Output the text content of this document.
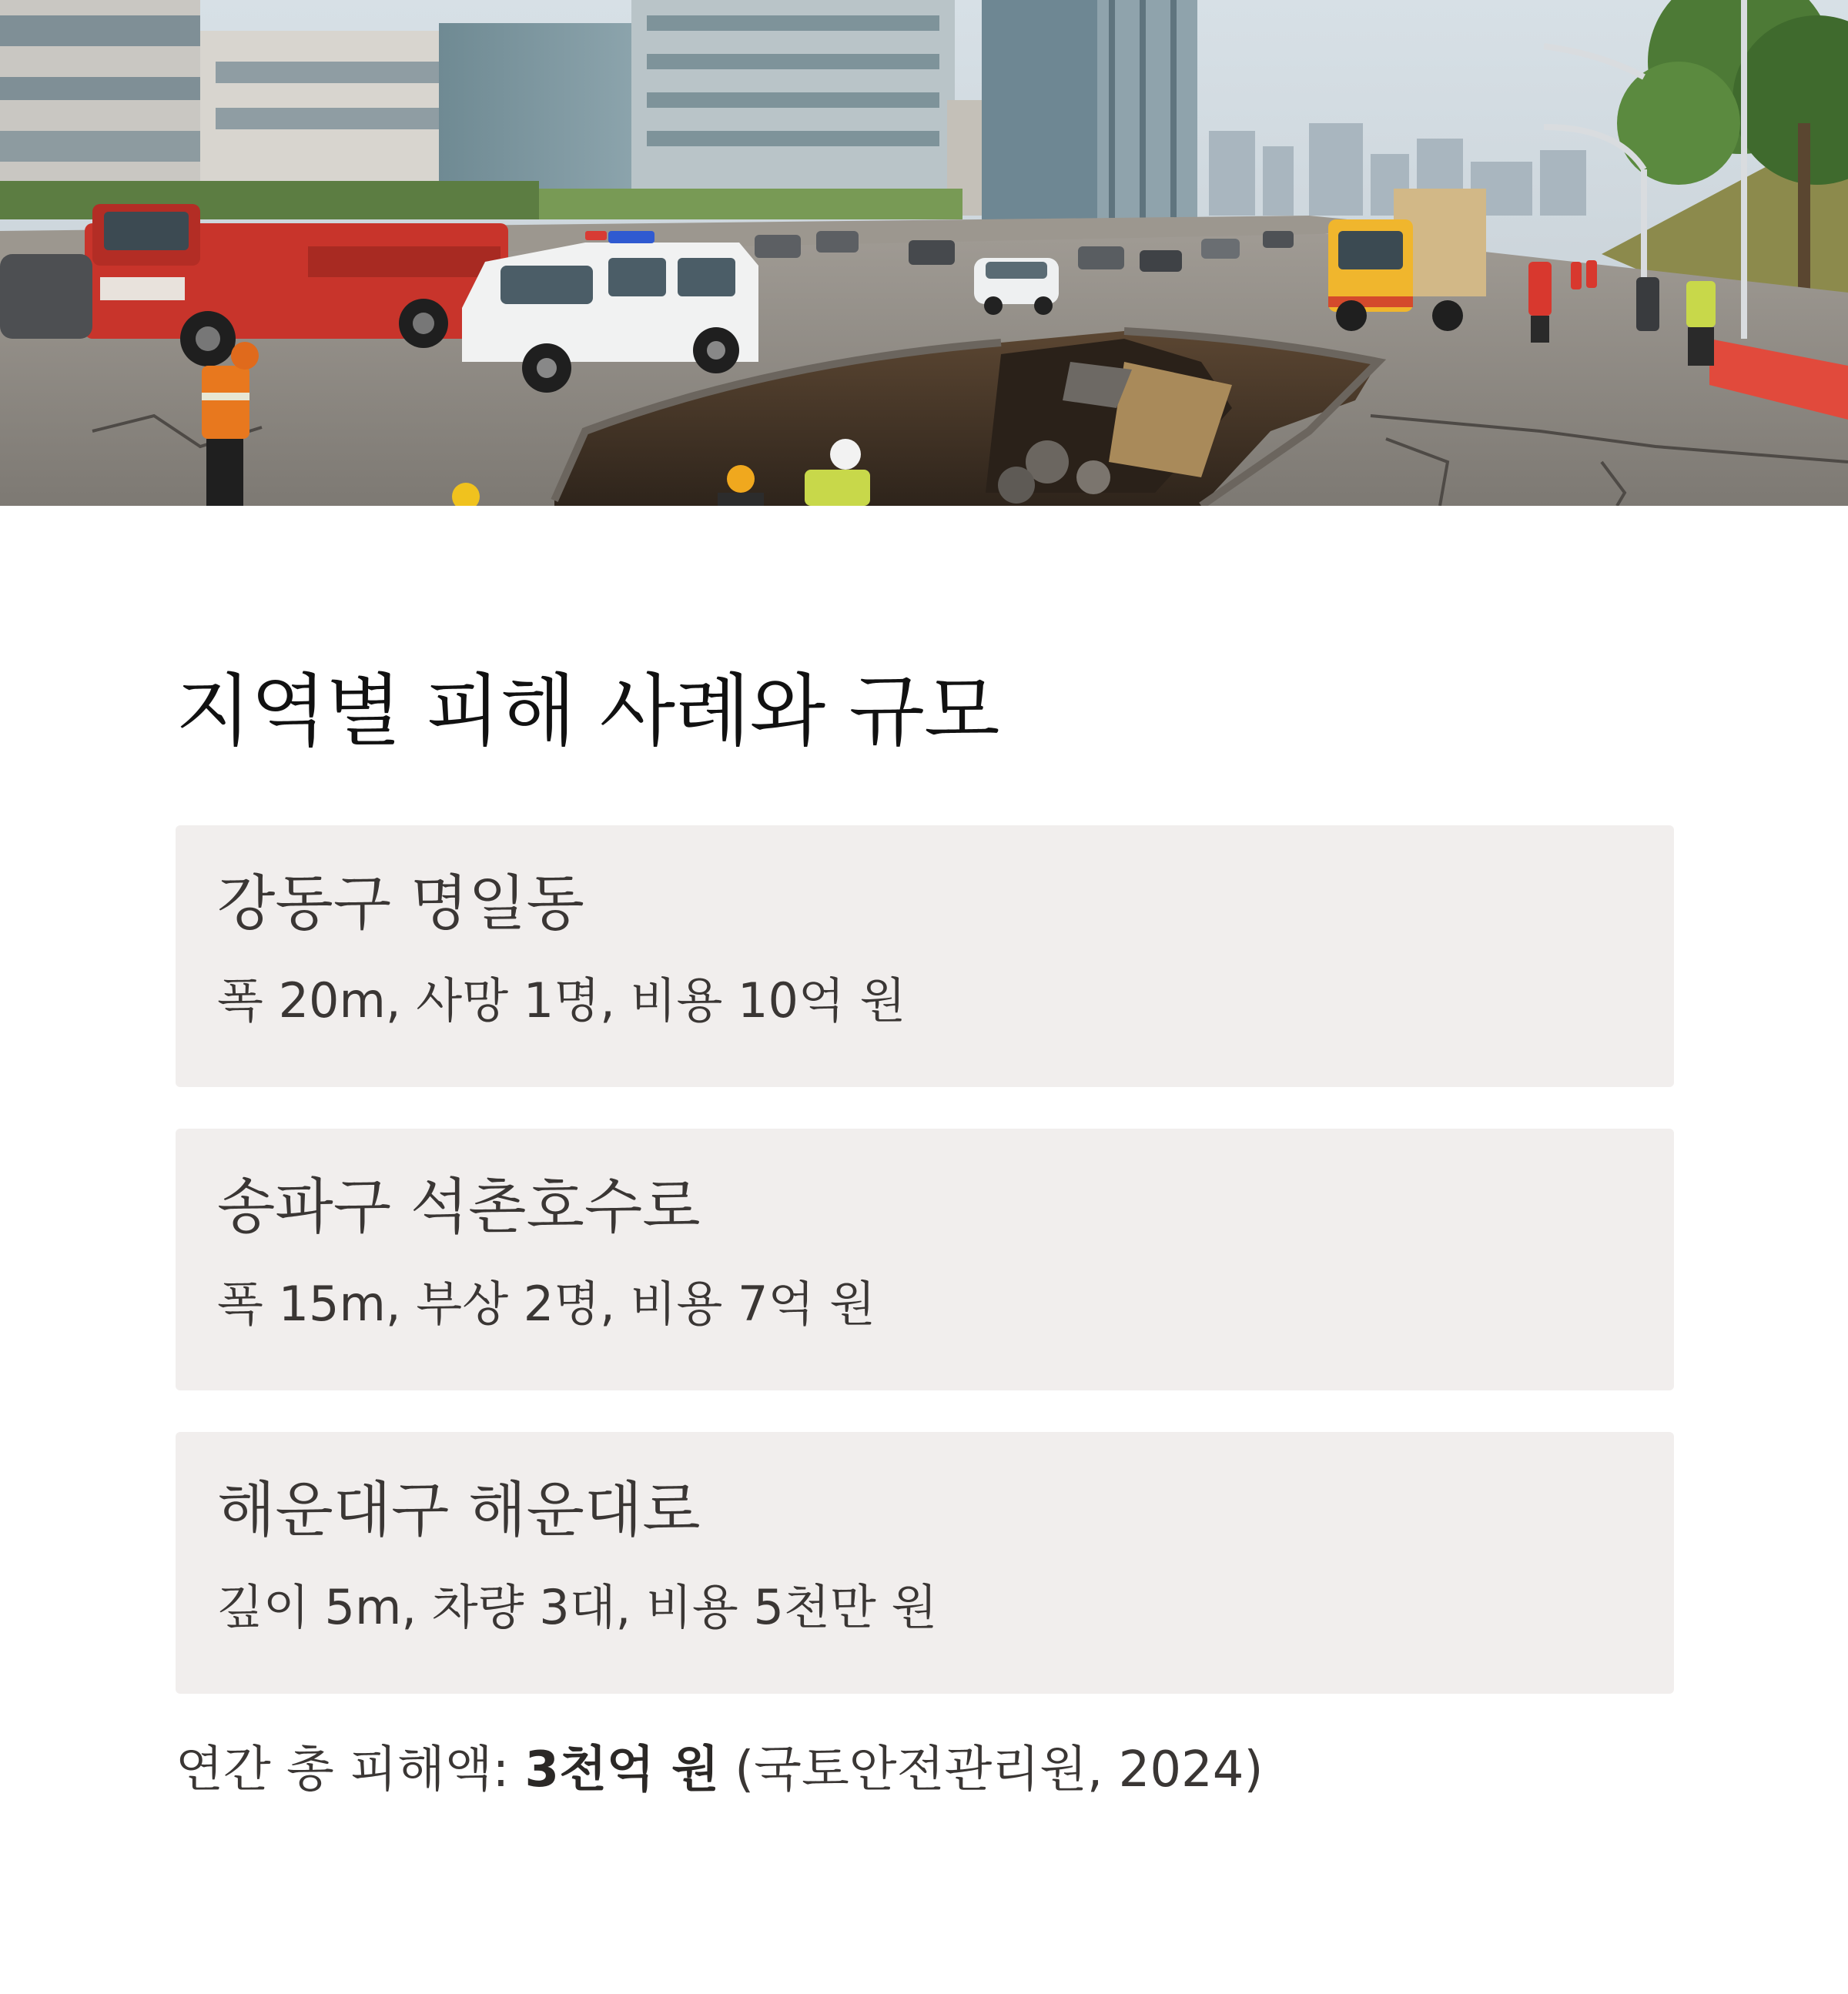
지역별 피해 사례와 규모

강동구 명일동

폭 20m, 사망 1명, 비용 10억 원

송파구 석촌호수로

폭 15m, 부상 2명, 비용 7억 원

해운대구 해운대로

깊이 5m, 차량 3대, 비용 5천만 원

연간 총 피해액: 3천억 원 (국토안전관리원, 2024)
